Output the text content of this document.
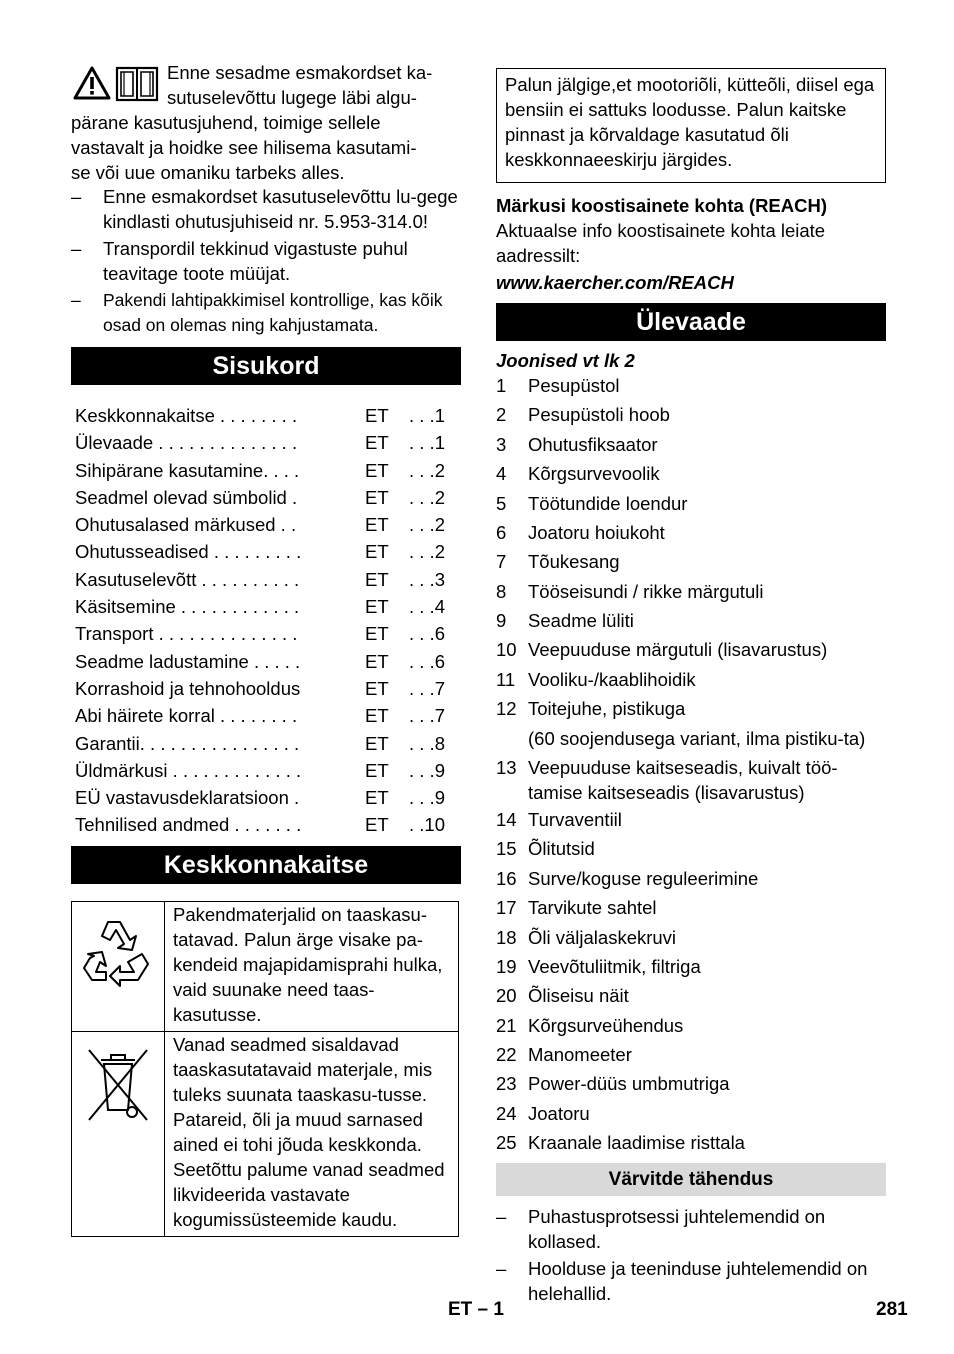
Enne sesadme esmakordset ka-
sutuselevõttu lugege läbi algu-
pärane kasutusjuhend, toimige sellele
vastavalt ja hoidke see hilisema kasutami-
se või uue omaniku tarbeks alles.

– Enne esmakordset kasutuselevõttu lu-gege kindlasti ohutusjuhiseid nr. 5.953-314.0!
– Transpordil tekkinud vigastuste puhul teavitage toote müüjat.
– Pakendi lahtipakkimisel kontrollige, kas kõik osad on olemas ning kahjustamata.
Sisukord
Keskkonnakaitse . . . . . . . .	ET	. . .1
Ülevaade . . . . . . . . . . . . . .	ET	. . .1
Sihipärane kasutamine. . . .	ET	. . .2
Seadmel olevad sümbolid .	ET	. . .2
Ohutusalased märkused . .	ET	. . .2
Ohutusseadised . . . . . . . . .	ET	. . .2
Kasutuselevõtt . . . . . . . . . .	ET	. . .3
Käsitsemine . . . . . . . . . . . .	ET	. . .4
Transport . . . . . . . . . . . . . .	ET	. . .6
Seadme ladustamine . . . . .	ET	. . .6
Korrashoid ja tehnohooldus	ET	. . .7
Abi häirete korral . . . . . . . .	ET	. . .7
Garantii. . . . . . . . . . . . . . . .	ET	. . .8
Üldmärkusi . . . . . . . . . . . . .	ET	. . .9
EÜ vastavusdeklaratsioon .	ET	. . .9
Tehnilised andmed . . . . . . .	ET	. .10
Keskkonnakaitse
	Pakendmaterjalid on taaskasu-tatavad. Palun ärge visake pa-kendeid majapidamisprahi hulka, vaid suunake need taas-kasutusse.
	Vanad seadmed sisaldavad taaskasutatavaid materjale, mis tuleks suunata taaskasu-tusse. Patareid, õli ja muud sarnased ained ei tohi jõuda keskkonda. Seetõttu palume vanad seadmed likvideerida vastavate kogumissüsteemide kaudu.
Palun jälgige,et mootoriõli, kütteõli, diisel ega bensiin ei sattuks loodusse. Palun kaitske pinnast ja kõrvaldage kasutatud õli keskkonnaeeskirju järgides.
Märkusi koostisainete kohta (REACH)
Aktuaalse info koostisainete kohta leiate aadressilt:
www.kaercher.com/REACH
Ülevaade
Joonised vt lk 2
1 Pesupüstol
2 Pesupüstoli hoob
3 Ohutusfiksaator
4 Kõrgsurvevoolik
5 Töötundide loendur
6 Joatoru hoiukoht
7 Tõukesang
8 Tööseisundi / rikke märgutuli
9 Seadme lüliti
10 Veepuuduse märgutuli (lisavarustus)
11 Vooliku-/kaablihoidik
12 Toitejuhe, pistikuga
(60 soojendusega variant, ilma pistiku-ta)
13 Veepuuduse kaitseseadis, kuivalt töö-tamise kaitseseadis (lisavarustus)
14 Turvaventiil
15 Õlitutsid
16 Surve/koguse reguleerimine
17 Tarvikute sahtel
18 Õli väljalaskekruvi
19 Veevõtuliitmik, filtriga
20 Õliseisu näit
21 Kõrgsurveühendus
22 Manomeeter
23 Power-düüs umbmutriga
24 Joatoru
25 Kraanale laadimise risttala
Värvitde tähendus
– Puhastusprotsessi juhtelemendid on kollased.
– Hoolduse ja teeninduse juhtelemendid on helehallid.
ET – 1	281
